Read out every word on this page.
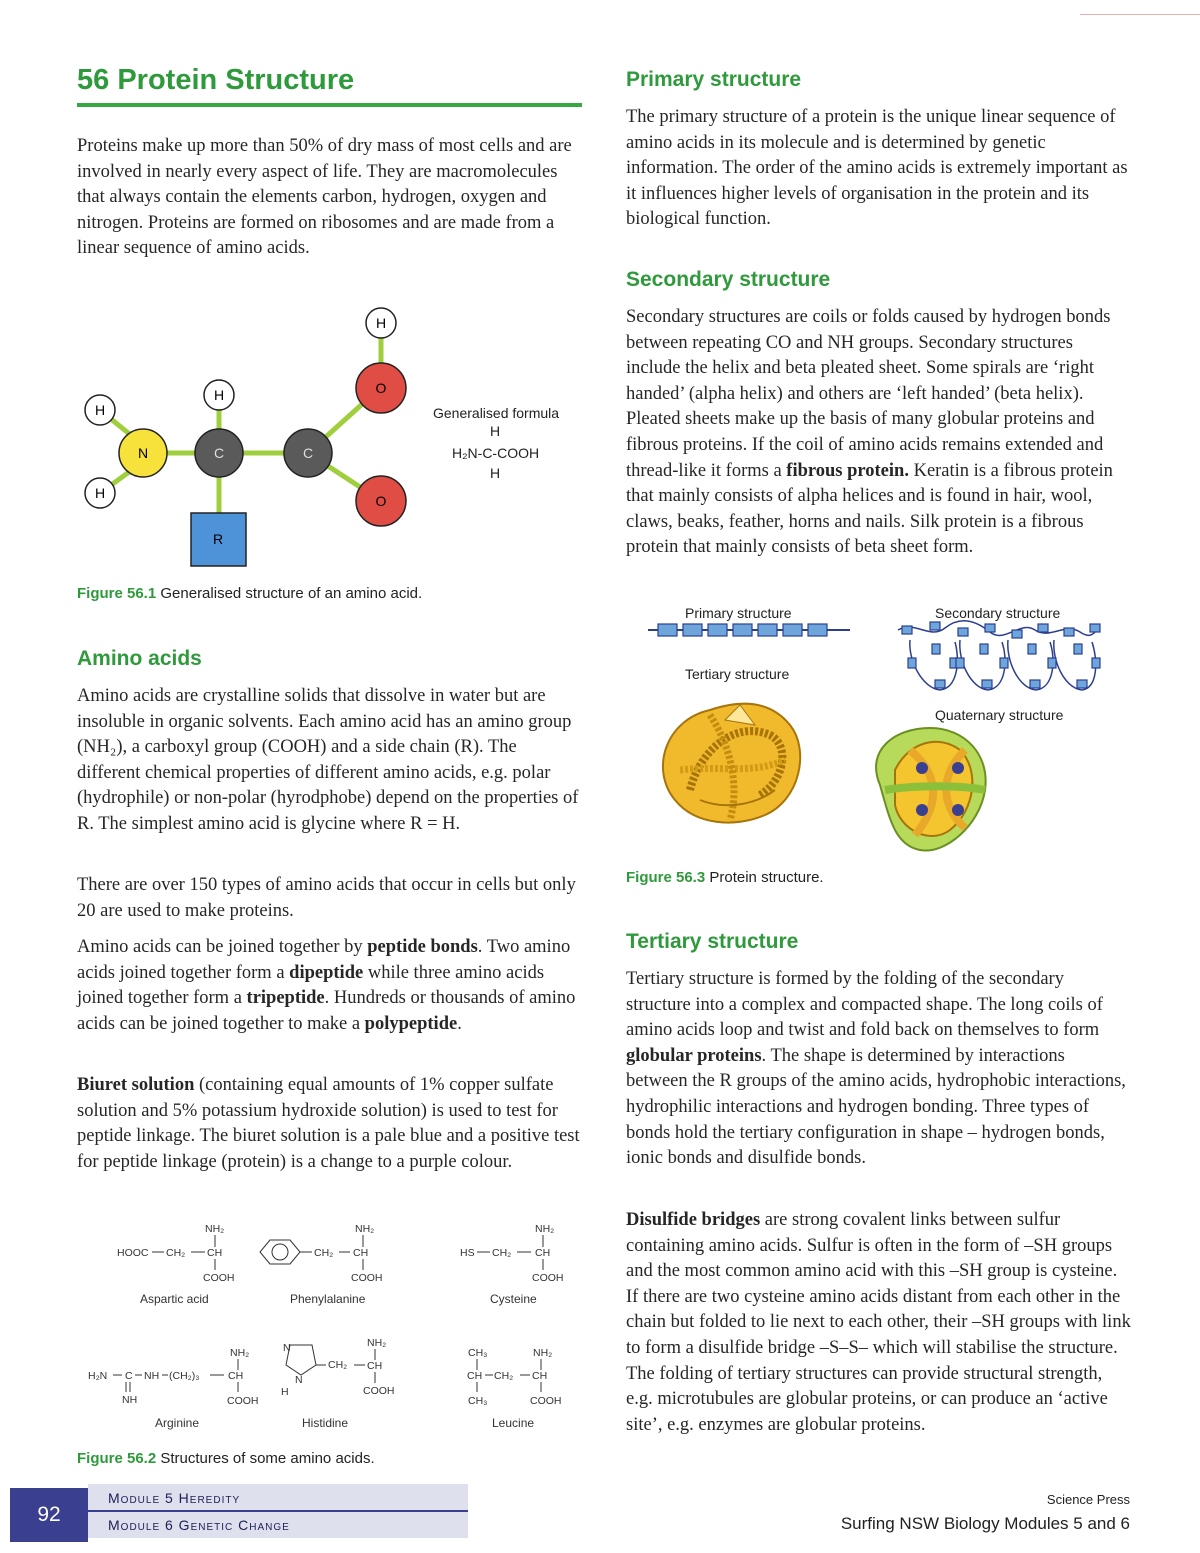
56 Protein Structure

Proteins make up more than 50% of dry mass of most cells and are involved in nearly every aspect of life. They are macromolecules that always contain the elements carbon, hydrogen, oxygen and nitrogen. Proteins are formed on ribosomes and are made from a linear sequence of amino acids.

H
H
H
H
N	C	C
O
O
R
Generalised formula
H
H₂N-C-COOH
H

Figure 56.1 Generalised structure of an amino acid.

Amino acids

Amino acids are crystalline solids that dissolve in water but are insoluble in organic solvents. Each amino acid has an amino group (NH₂), a carboxyl group (COOH) and a side chain (R). The different chemical properties of different amino acids, e.g. polar (hydrophile) or non-polar (hyrodphobe) depend on the properties of R. The simplest amino acid is glycine where R = H.

There are over 150 types of amino acids that occur in cells but only 20 are used to make proteins.

Amino acids can be joined together by peptide bonds. Two amino acids joined together form a dipeptide while three amino acids joined together form a tripeptide. Hundreds or thousands of amino acids can be joined together to make a polypeptide.

Biuret solution (containing equal amounts of 1% copper sulfate solution and 5% potassium hydroxide solution) is used to test for peptide linkage. The biuret solution is a pale blue and a positive test for peptide linkage (protein) is a change to a purple colour.

NH₂
HOOC CH₂ CH
COOH
Aspartic acid
CH₂
NH₂
CH
COOH
Phenylalanine
NH₂
HS CH₂ CH
COOH
Cysteine
NH₂
H₂N C
NH
NH (CH₂)₃	CH
COOH
Arginine
NH₂
N
N
H
CH₂ CH
COOH
Histidine
CH₃	NH₂
CH CH₂ CH
CH₃	COOH
Leucine

Figure 56.2 Structures of some amino acids.

Primary structure

The primary structure of a protein is the unique linear sequence of amino acids in its molecule and is determined by genetic information. The order of the amino acids is extremely important as it influences higher levels of organisation in the protein and its biological function.

Secondary structure

Secondary structures are coils or folds caused by hydrogen bonds between repeating CO and NH groups. Secondary structures include the helix and beta pleated sheet. Some spirals are ‘right handed’ (alpha helix) and others are ‘left handed’ (beta helix). Pleated sheets make up the basis of many globular proteins and fibrous proteins. If the coil of amino acids remains extended and thread-like it forms a fibrous protein. Keratin is a fibrous protein that mainly consists of alpha helices and is found in hair, wool, claws, beaks, feather, horns and nails. Silk protein is a fibrous protein that mainly consists of beta sheet form.

Primary structure	Secondary structure
Tertiary structure
Quaternary structure

Figure 56.3 Protein structure.

Tertiary structure

Tertiary structure is formed by the folding of the secondary structure into a complex and compacted shape. The long coils of amino acids loop and twist and fold back on themselves to form globular proteins. The shape is determined by interactions between the R groups of the amino acids, hydrophobic interactions, hydrophilic interactions and hydrogen bonding. Three types of bonds hold the tertiary configuration in shape – hydrogen bonds, ionic bonds and disulfide bonds.

Disulfide bridges are strong covalent links between sulfur containing amino acids. Sulfur is often in the form of –SH groups and the most common amino acid with this –SH group is cysteine. If there are two cysteine amino acids distant from each other in the chain but folded to lie next to each other, their –SH groups with link to form a disulfide bridge –S–S– which will stabilise the structure. The folding of tertiary structures can provide structural strength, e.g. microtubules are globular proteins, or can produce an ‘active site’, e.g. enzymes are globular proteins.

92
Module 5 Heredity
Module 6 Genetic Change
Science Press
Surfing NSW Biology Modules 5 and 6
